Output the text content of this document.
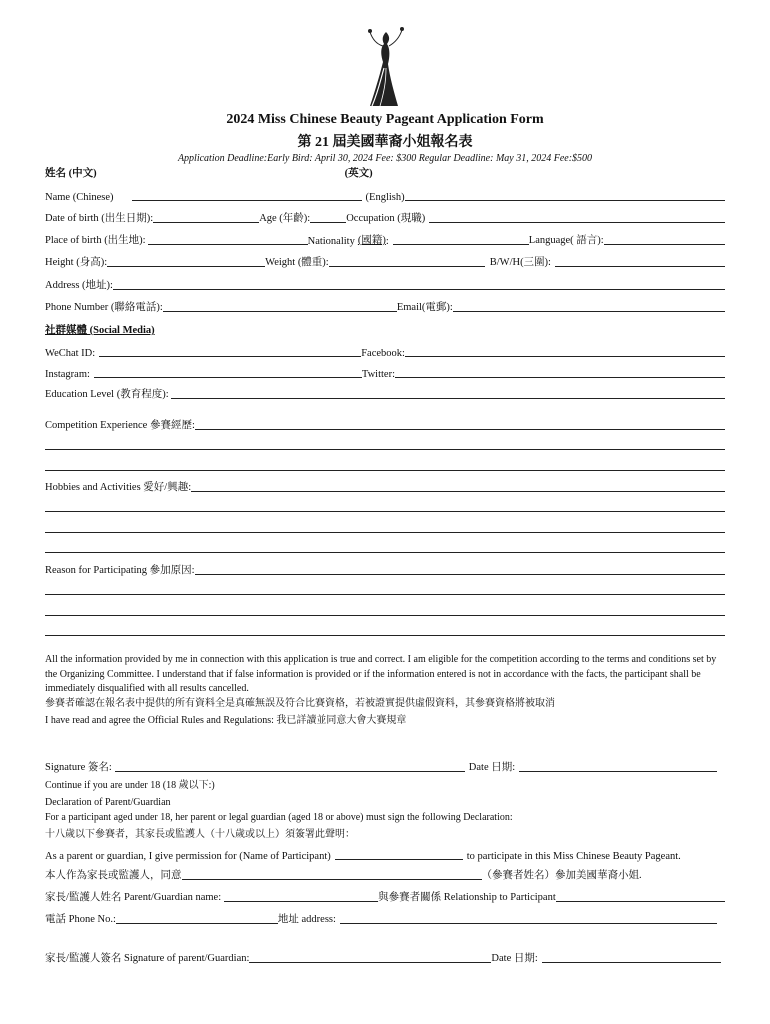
2024 Miss Chinese Beauty Pageant Application Form
第 21 屆美國華裔小姐報名表
Application Deadline:Early Bird: April 30, 2024 Fee: $300 Regular Deadline: May 31, 2024 Fee:$500
姓名 (中文)	(英文)
Name (Chinese)	(English)
Date of birth (出生日期):	Age (年齡):	Occupation (現職)
Place of birth (出生地):	Nationality (國籍) :	Language( 語言):
Height (身高):	Weight (體重):	B/W/H(三圍):
Address (地址):
Phone Number (聯絡電話):	Email(電郵):
社群媒體 (Social Media)
WeChat ID:	Facebook:
Instagram:	Twitter:
Education Level (教育程度):
Competition Experience 參賽經歷:
Hobbies and Activities 愛好/興趣:
Reason for Participating 參加原因:
All the information provided by me in connection with this application is true and correct. I am eligible for the competition according to the terms and conditions set by the Organizing Committee. I understand that if false information is provided or if the information entered is not in accordance with the facts, the participant shall be immediately disqualified with all results cancelled.
參賽者確認在報名表中提供的所有資料全是真確無誤及符合比賽資格，若被證實提供虛假資料，其參賽資格將被取消
I have read and agree the Official Rules and Regulations: 我已詳讀並同意大會大賽規章
Signature 簽名:	Date 日期:
Continue if you are under 18 (18 歲以下:)
Declaration of Parent/Guardian
For a participant aged under 18, her parent or legal guardian (aged 18 or above) must sign the following Declaration:
十八歲以下參賽者，其家長或監護人（十八歲或以上）須簽署此聲明：
As a parent or guardian, I give permission for (Name of Participant)	to participate in this Miss Chinese Beauty Pageant.
本人作為家長或監護人，同意	（參賽者姓名）參加美國華裔小姐.
家長/監護人姓名 Parent/Guardian name:	與參賽者關係 Relationship to Participant
電話 Phone No.:	地址 address:
家長/監護人簽名 Signature of parent/Guardian:	Date 日期:
